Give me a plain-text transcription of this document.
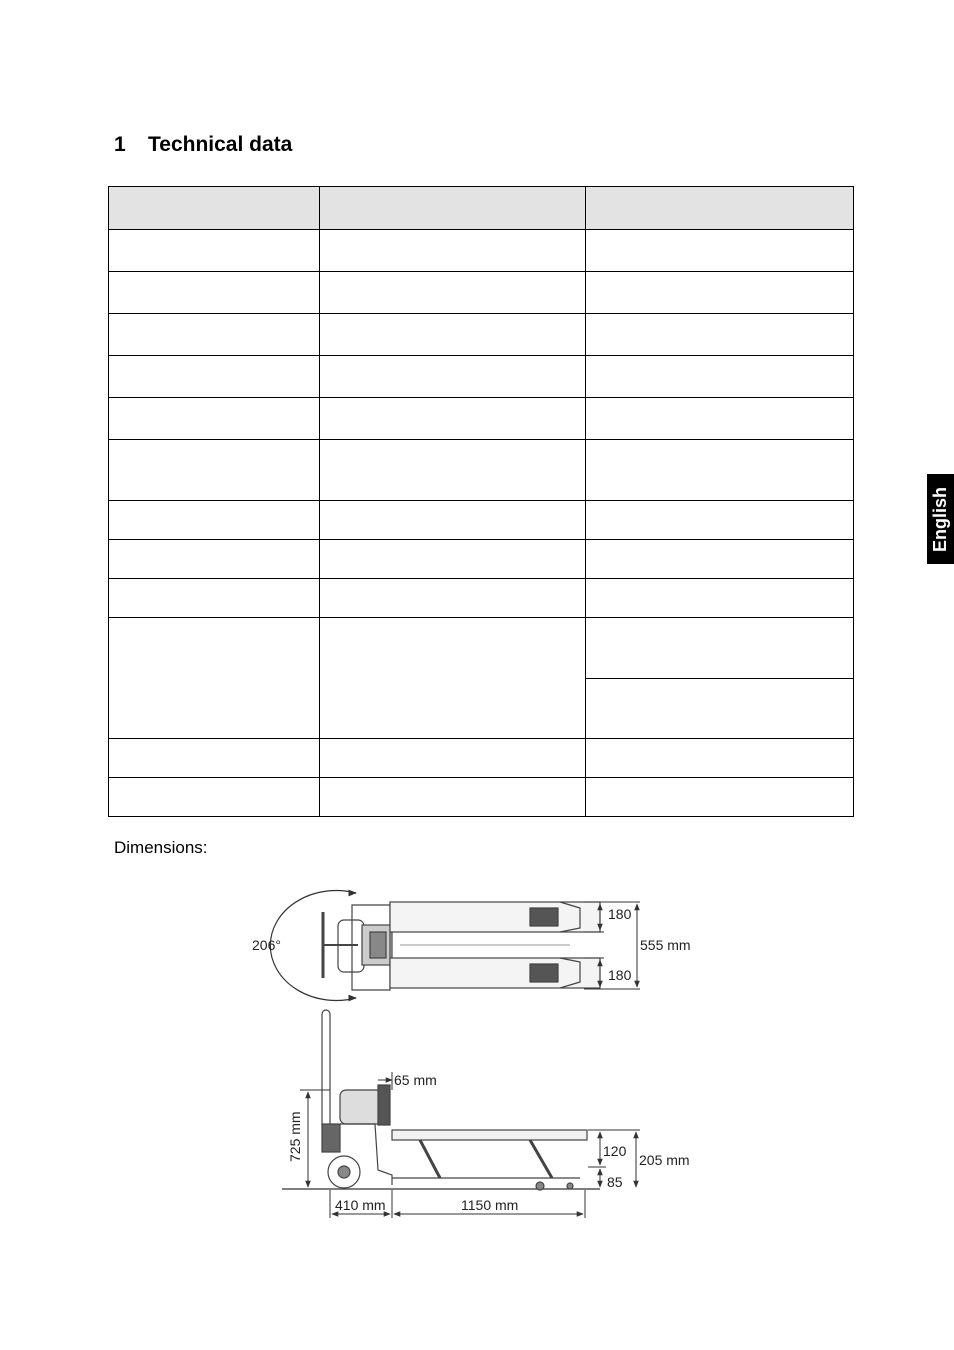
1 Technical data

Dimensions:
English
206°
180
180
555 mm
65 mm
725 mm	120
85
205 mm
410 mm	1150 mm
